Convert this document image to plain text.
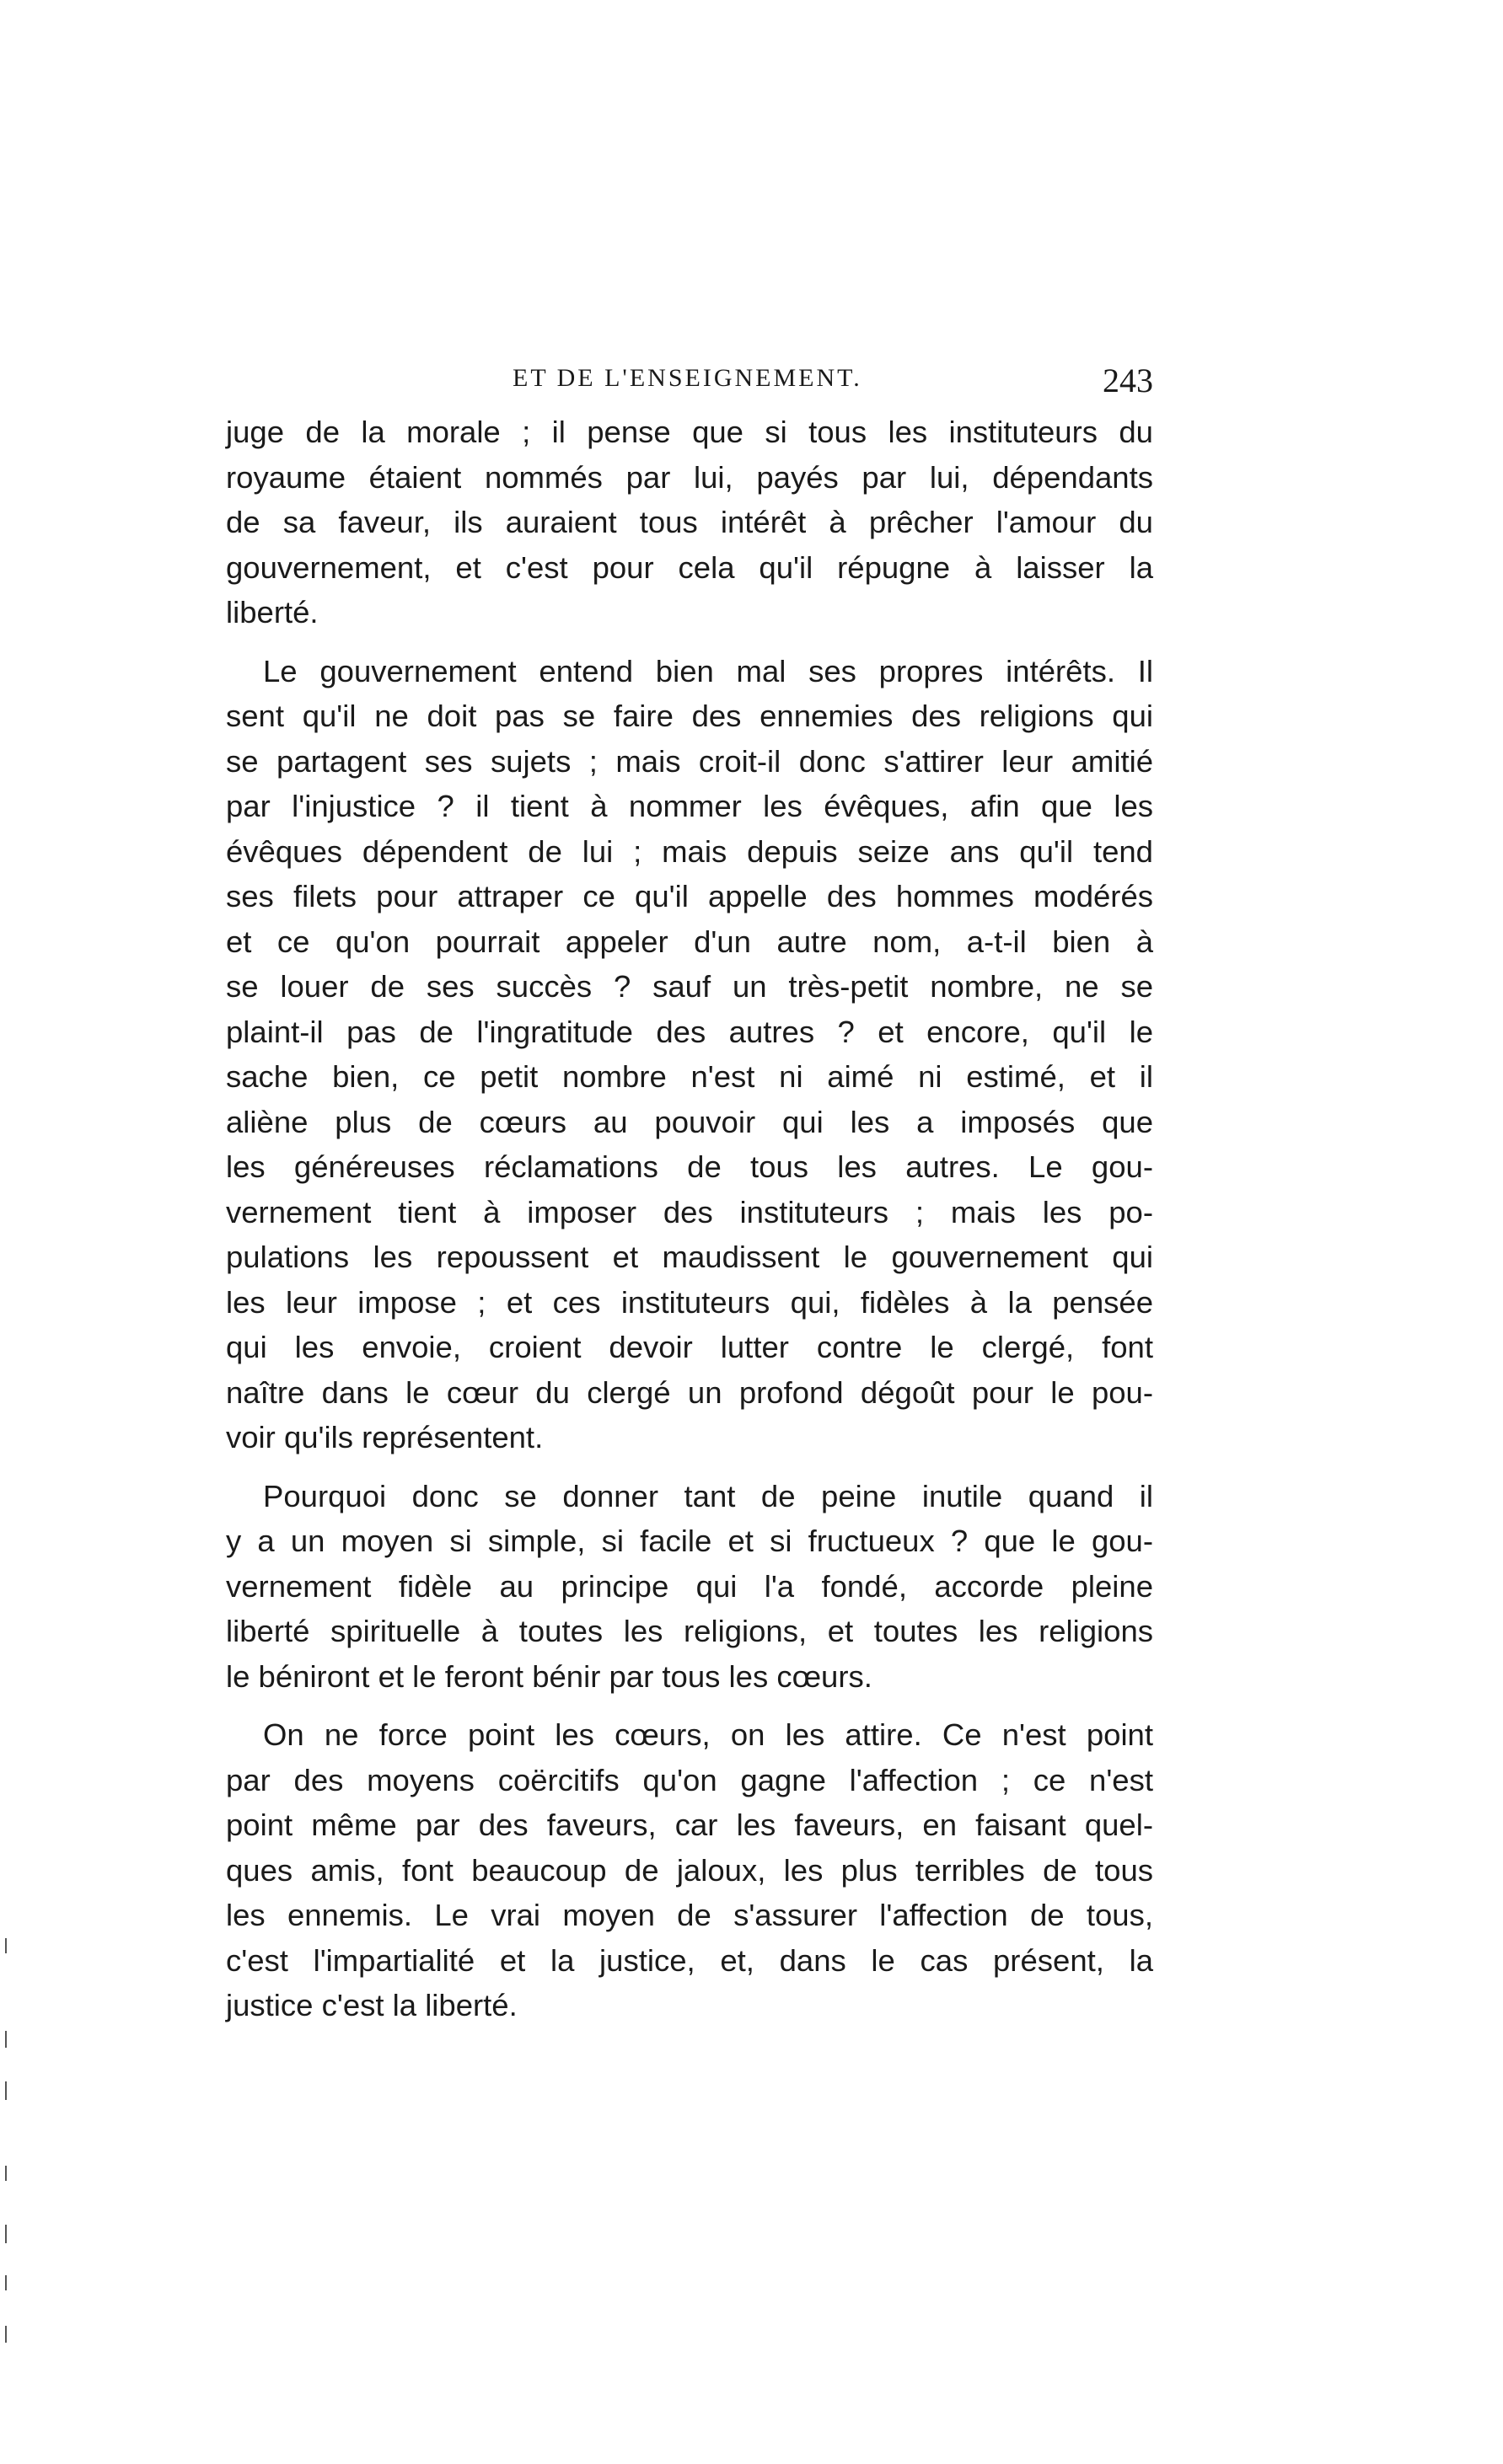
ET DE L'ENSEIGNEMENT.	243

juge de la morale ; il pense que si tous les instituteurs du
royaume étaient nommés par lui, payés par lui, dépendants
de sa faveur, ils auraient tous intérêt à prêcher l'amour du
gouvernement, et c'est pour cela qu'il répugne à laisser la
liberté.

Le gouvernement entend bien mal ses propres intérêts. Il
sent qu'il ne doit pas se faire des ennemies des religions qui
se partagent ses sujets ; mais croit-il donc s'attirer leur amitié
par l'injustice ? il tient à nommer les évêques, afin que les
évêques dépendent de lui ; mais depuis seize ans qu'il tend
ses filets pour attraper ce qu'il appelle des hommes modérés
et ce qu'on pourrait appeler d'un autre nom, a-t-il bien à
se louer de ses succès ? sauf un très-petit nombre, ne se
plaint-il pas de l'ingratitude des autres ? et encore, qu'il le
sache bien, ce petit nombre n'est ni aimé ni estimé, et il
aliène plus de cœurs au pouvoir qui les a imposés que
les généreuses réclamations de tous les autres. Le gou-
vernement tient à imposer des instituteurs ; mais les po-
pulations les repoussent et maudissent le gouvernement qui
les leur impose ; et ces instituteurs qui, fidèles à la pensée
qui les envoie, croient devoir lutter contre le clergé, font
naître dans le cœur du clergé un profond dégoût pour le pou-
voir qu'ils représentent.

Pourquoi donc se donner tant de peine inutile quand il
y a un moyen si simple, si facile et si fructueux ? que le gou-
vernement fidèle au principe qui l'a fondé, accorde pleine
liberté spirituelle à toutes les religions, et toutes les religions
le béniront et le feront bénir par tous les cœurs.

On ne force point les cœurs, on les attire. Ce n'est point
par des moyens coërcitifs qu'on gagne l'affection ; ce n'est
point même par des faveurs, car les faveurs, en faisant quel-
ques amis, font beaucoup de jaloux, les plus terribles de tous
les ennemis. Le vrai moyen de s'assurer l'affection de tous,
c'est l'impartialité et la justice, et, dans le cas présent, la
justice c'est la liberté.
